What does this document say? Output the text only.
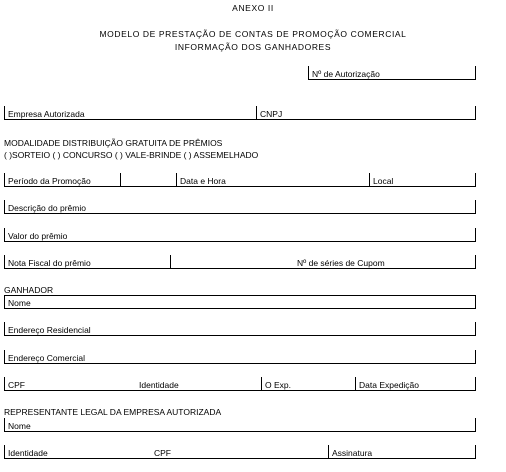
ANEXO II
MODELO DE PRESTAÇÃO DE CONTAS DE PROMOÇÃO COMERCIAL
INFORMAÇÃO DOS GANHADORES
Nº de Autorização
Empresa Autorizada	CNPJ
MODALIDADE DISTRIBUIÇÃO GRATUITA DE PRÊMIOS
( )SORTEIO ( ) CONCURSO ( ) VALE-BRINDE ( ) ASSEMELHADO
Período da Promoção	Data e Hora	Local
Descrição do prêmio
Valor do prêmio
Nota Fiscal do prêmio	Nº de séries de Cupom
GANHADOR
Nome
Endereço Residencial
Endereço Comercial
CPF	Identidade	O Exp.	Data Expedição
REPRESENTANTE LEGAL DA EMPRESA AUTORIZADA
Nome
Identidade	CPF	Assinatura
